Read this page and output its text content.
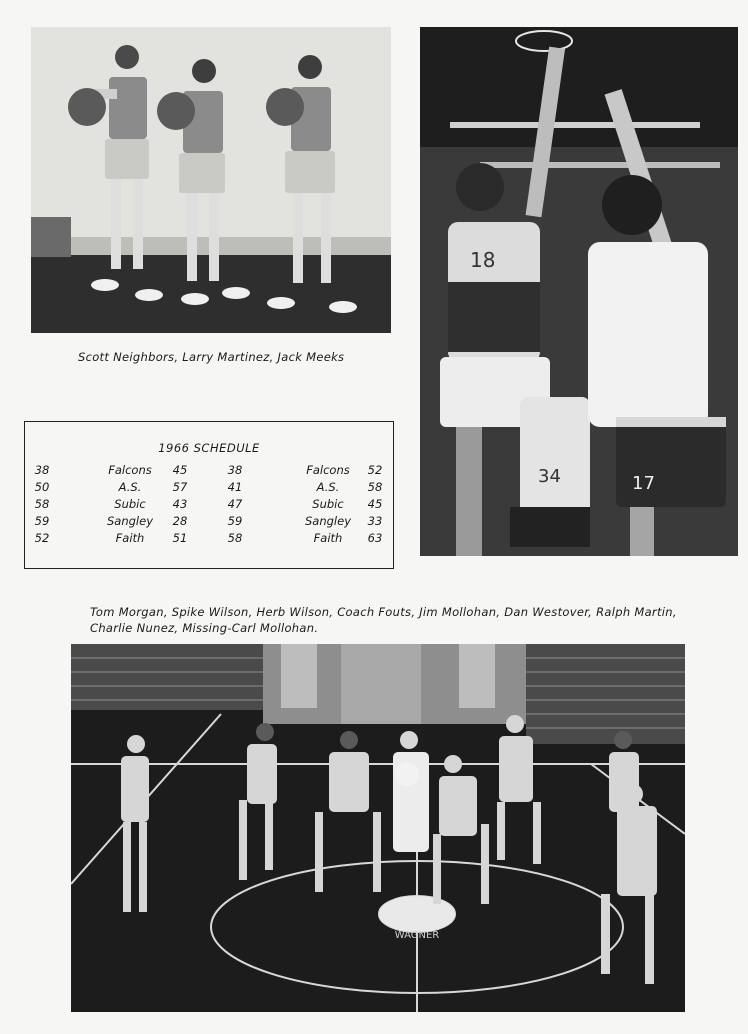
Scott Neighbors, Larry Martinez, Jack Meeks
18
34	17
1966 SCHEDULE
38	Falcons	45	38	Falcons	52
50	A.S.	57	41	A.S.	58
58	Subic	43	47	Subic	45
59	Sangley	28	59	Sangley	33
52	Faith	51	58	Faith	63
Tom Morgan, Spike Wilson, Herb Wilson, Coach Fouts, Jim Mollohan, Dan Westover, Ralph Martin,
Charlie Nunez, Missing-Carl Mollohan.
WAGNER
